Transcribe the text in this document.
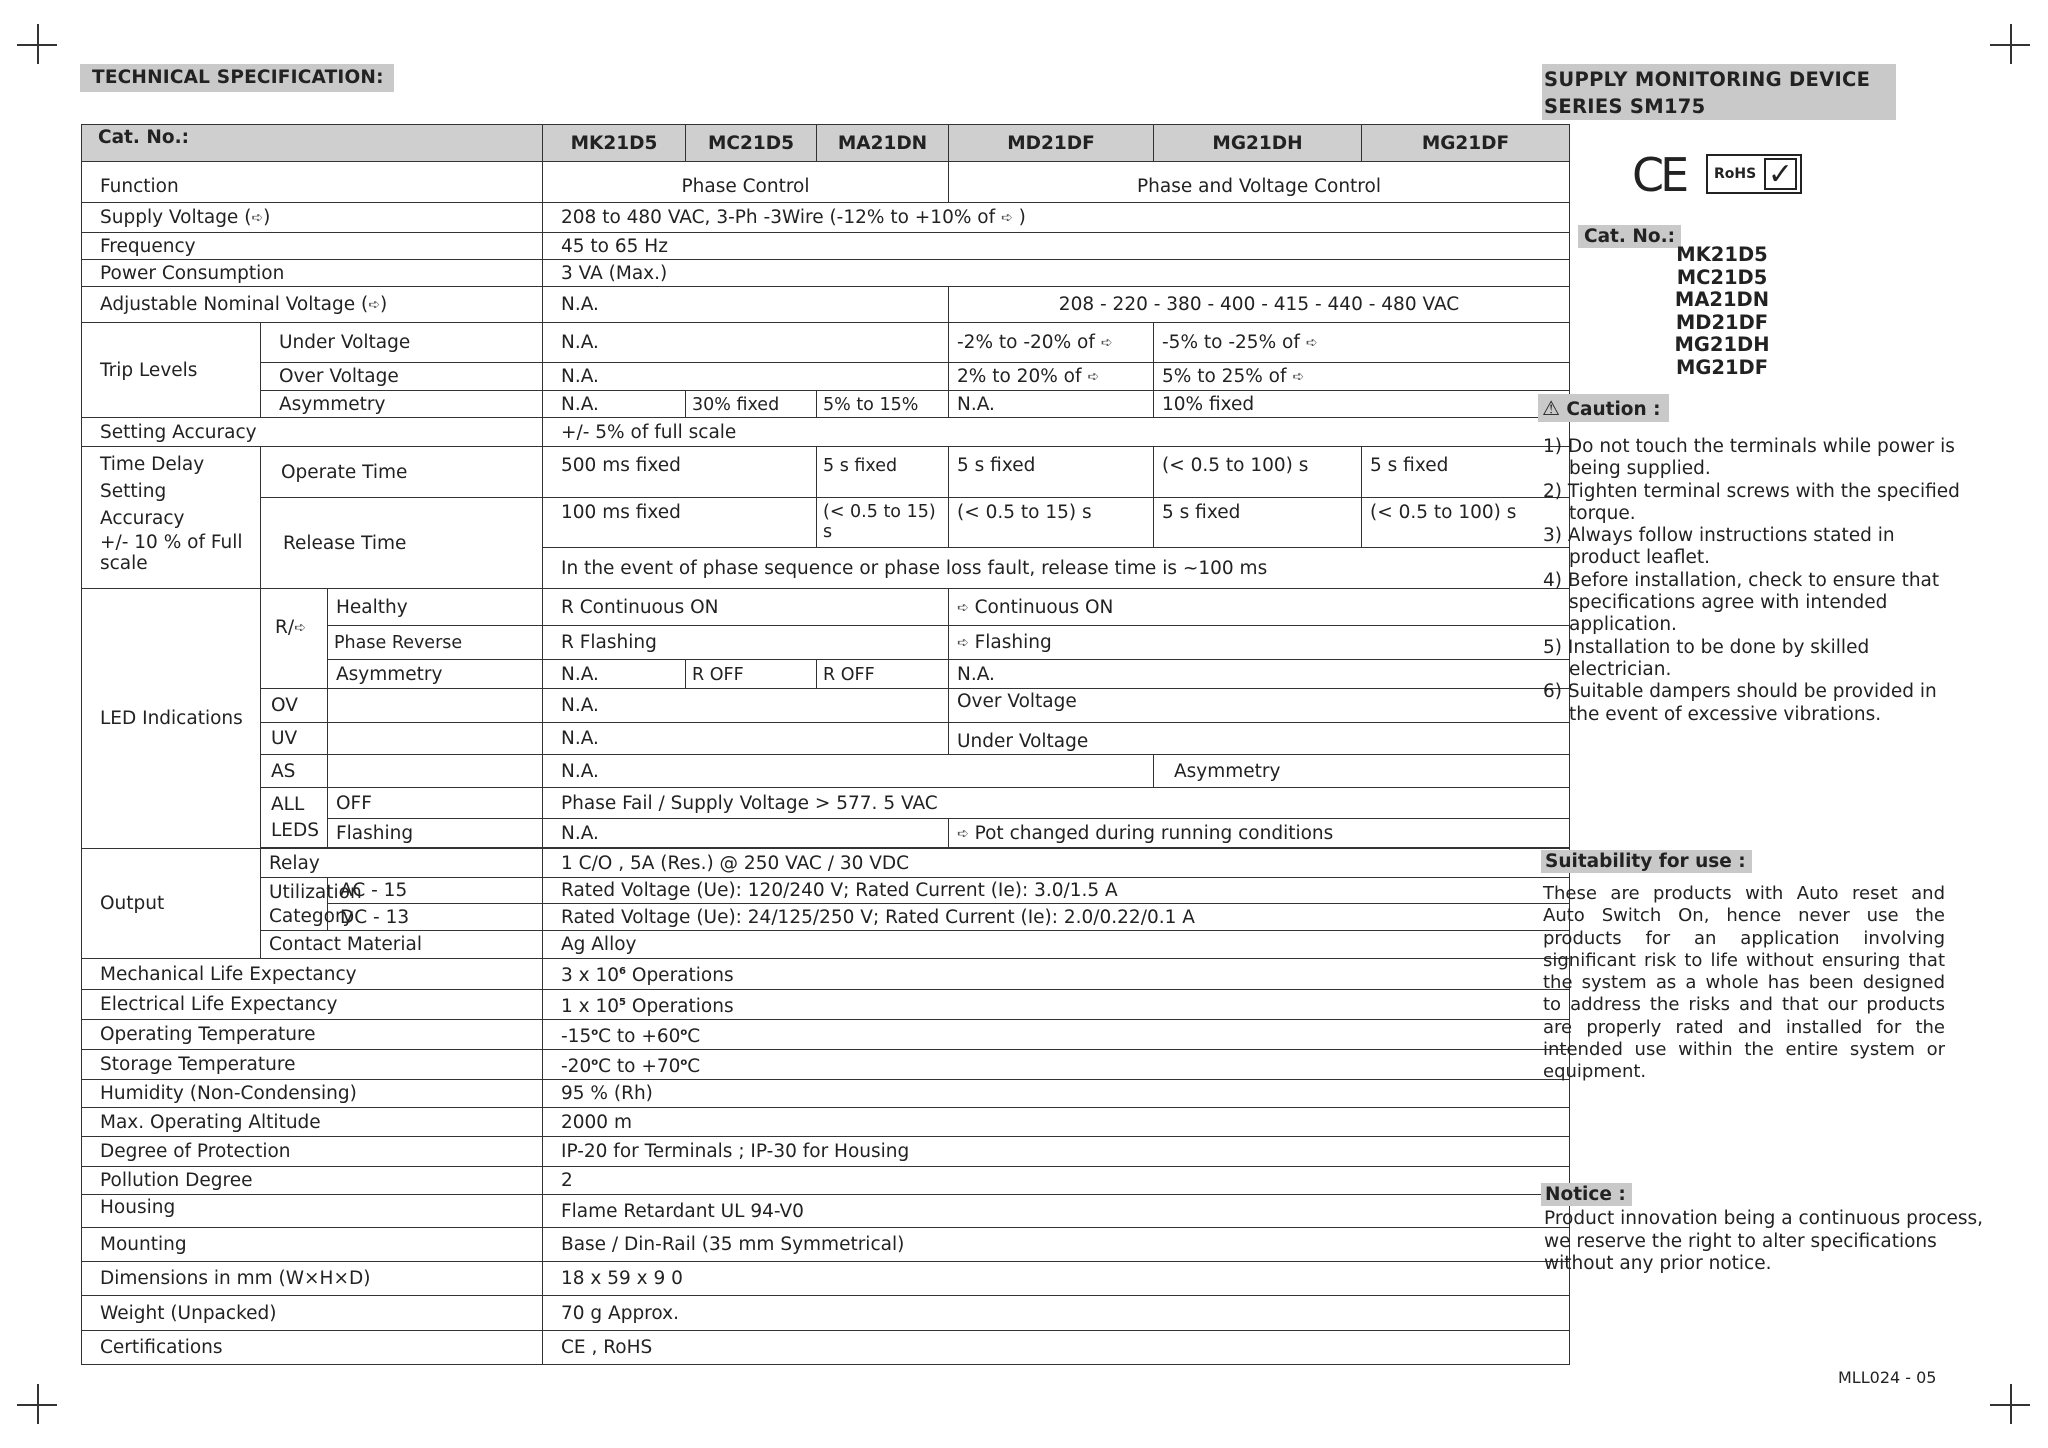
TECHNICAL SPECIFICATION:
Cat. No.:			MK21D5	MC21D5	MA21DN	MD21DF	MG21DH	MG21DF
Function			Phase Control			Phase and Voltage Control		
Supply Voltage (➪)			208 to 480 VAC, 3-Ph -3Wire (-12% to +10% of ➪ )					
Frequency			45 to 65 Hz					
Power Consumption			3 VA (Max.)					
Adjustable Nominal Voltage (➪)			N.A.			208 - 220 - 380 - 400 - 415 - 440 - 480 VAC		
Trip Levels	Under Voltage		N.A.			-2% to -20% of ➪	-5% to -25% of ➪	
	Over Voltage		N.A.			2% to 20% of ➪	5% to 25% of ➪	
	Asymmetry		N.A.	30% fixed	5% to 15%	N.A.	10% fixed	
Setting Accuracy			+/- 5% of full scale					

Time Delay
Setting Accuracy
+/- 10 % of Full scale	Operate Time		500 ms fixed		5 s fixed	5 s fixed	(< 0.5 to 100) s	5 s fixed
	Release Time		100 ms fixed		(< 0.5 to 15) s	(< 0.5 to 15) s	5 s fixed	(< 0.5 to 100) s
			In the event of phase sequence or phase loss fault, release time is ~100 ms					
LED Indications	R/➪	Healthy	R Continuous ON			➪ Continuous ON		
		Phase Reverse	R Flashing			➪ Flashing		
		Asymmetry	N.A.	R OFF	R OFF	N.A.		
	OV		N.A.			Over Voltage		
	UV		N.A.			Under Voltage		
	AS		N.A.				Asymmetry	

	ALL
LEDS	OFF	Phase Fail / Supply Voltage > 577. 5 VAC					
		Flashing	N.A.			➪ Pot changed during running conditions		

Output	Relay		1 C/O , 5A (Res.) @ 250 VAC / 30 VDC					

	Utilization
Category	AC - 15	Rated Voltage (Ue): 120/240 V; Rated Current (Ie): 3.0/1.5 A					
		DC - 13	Rated Voltage (Ue): 24/125/250 V; Rated Current (Ie): 2.0/0.22/0.1 A					
	Contact Material		Ag Alloy					
Mechanical Life Expectancy			3 x $10^6$ Operations					
Electrical Life Expectancy			1 x $10^5$ Operations					
Operating Temperature			-15$^o$C to $+60^oC$					
Storage Temperature			-20$^o$C to $+70^oC$					
Humidity (Non-Condensing)			95 % (Rh)					
Max. Operating Altitude			2000 m					
Degree of Protection			IP-20 for Terminals ; IP-30 for Housing					
Pollution Degree			2					
Housing			Flame Retardant UL 94-V0					
Mounting			Base / Din-Rail (35 mm Symmetrical)					
Dimensions in mm (W×H×D)			18 x 59 x 9 0					
Weight (Unpacked)			70 g Approx.					
Certifications			CE , RoHS					
SUPPLY MONITORING DEVICE
SERIES SM175
CE RoHS ✓
Cat. No.:
MK21D5
MC21D5
MA21DN
MD21DF
MG21DH
MG21DF
⚠ Caution :
1) Do not touch the terminals while power is being supplied.
2) Tighten terminal screws with the specified torque.
3) Always follow instructions stated in product leaflet.
4) Before installation, check to ensure that specifications agree with intended application.
5) Installation to be done by skilled electrician.
6) Suitable dampers should be provided in the event of excessive vibrations.
Suitability for use :
These are products with Auto reset and Auto Switch On, hence never use the products for an application involving significant risk to life without ensuring that the system as a whole has been designed to address the risks and that our products are properly rated and installed for the intended use within the entire system or equipment.
Notice :
Product innovation being a continuous process, we reserve the right to alter specifications without any prior notice.
MLL024 - 05
